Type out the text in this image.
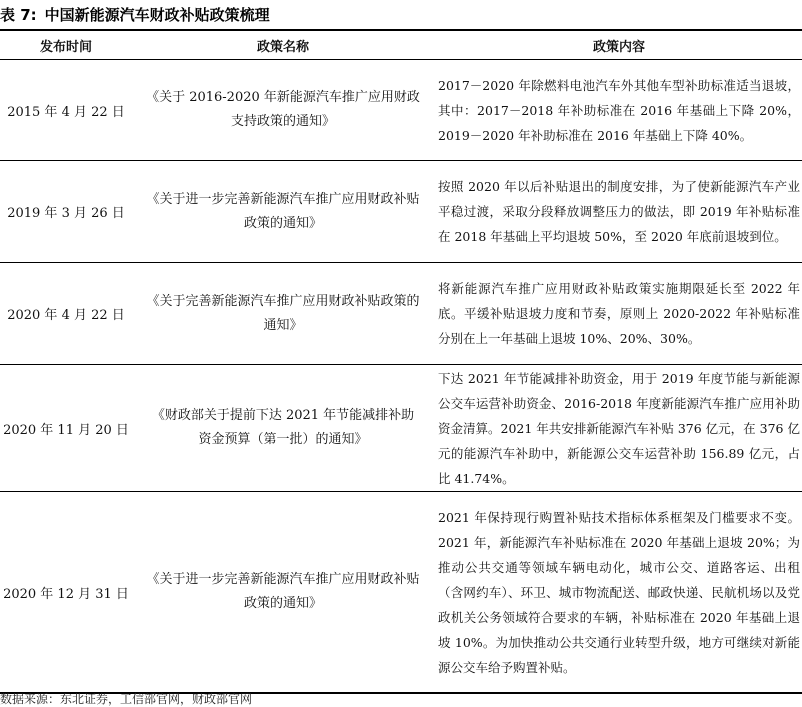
表 7: 中国新能源汽车财政补贴政策梳理
发布时间	政策名称	政策内容
2015 年 4 月 22 日
《关于 2016-2020 年新能源汽车推广应用财政支持政策的通知》
2017－2020 年除燃料电池汽车外其他车型补助标准适当退坡，其中：2017－2018 年补助标准在 2016 年基础上下降 20%，2019－2020 年补助标准在 2016 年基础上下降 40%。
2019 年 3 月 26 日
《关于进一步完善新能源汽车推广应用财政补贴政策的通知》
按照 2020 年以后补贴退出的制度安排，为了使新能源汽车产业平稳过渡，采取分段释放调整压力的做法，即 2019 年补贴标准在 2018 年基础上平均退坡 50%，至 2020 年底前退坡到位。
2020 年 4 月 22 日
《关于完善新能源汽车推广应用财政补贴政策的通知》
将新能源汽车推广应用财政补贴政策实施期限延长至 2022 年底。平缓补贴退坡力度和节奏，原则上 2020-2022 年补贴标准分别在上一年基础上退坡 10%、20%、30%。
2020 年 11 月 20 日
《财政部关于提前下达 2021 年节能减排补助资金预算（第一批）的通知》
下达 2021 年节能减排补助资金，用于 2019 年度节能与新能源公交车运营补助资金、2016-2018 年度新能源汽车推广应用补助资金清算。2021 年共安排新能源汽车补贴 376 亿元，在 376 亿元的能源汽车补助中，新能源公交车运营补助 156.89 亿元，占比 41.74%。
2020 年 12 月 31 日
《关于进一步完善新能源汽车推广应用财政补贴政策的通知》
2021 年保持现行购置补贴技术指标体系框架及门槛要求不变。2021 年，新能源汽车补贴标准在 2020 年基础上退坡 20%；为推动公共交通等领域车辆电动化，城市公交、道路客运、出租（含网约车）、环卫、城市物流配送、邮政快递、民航机场以及党政机关公务领域符合要求的车辆，补贴标准在 2020 年基础上退坡 10%。为加快推动公共交通行业转型升级，地方可继续对新能源公交车给予购置补贴。
数据来源：东北证券，工信部官网，财政部官网
